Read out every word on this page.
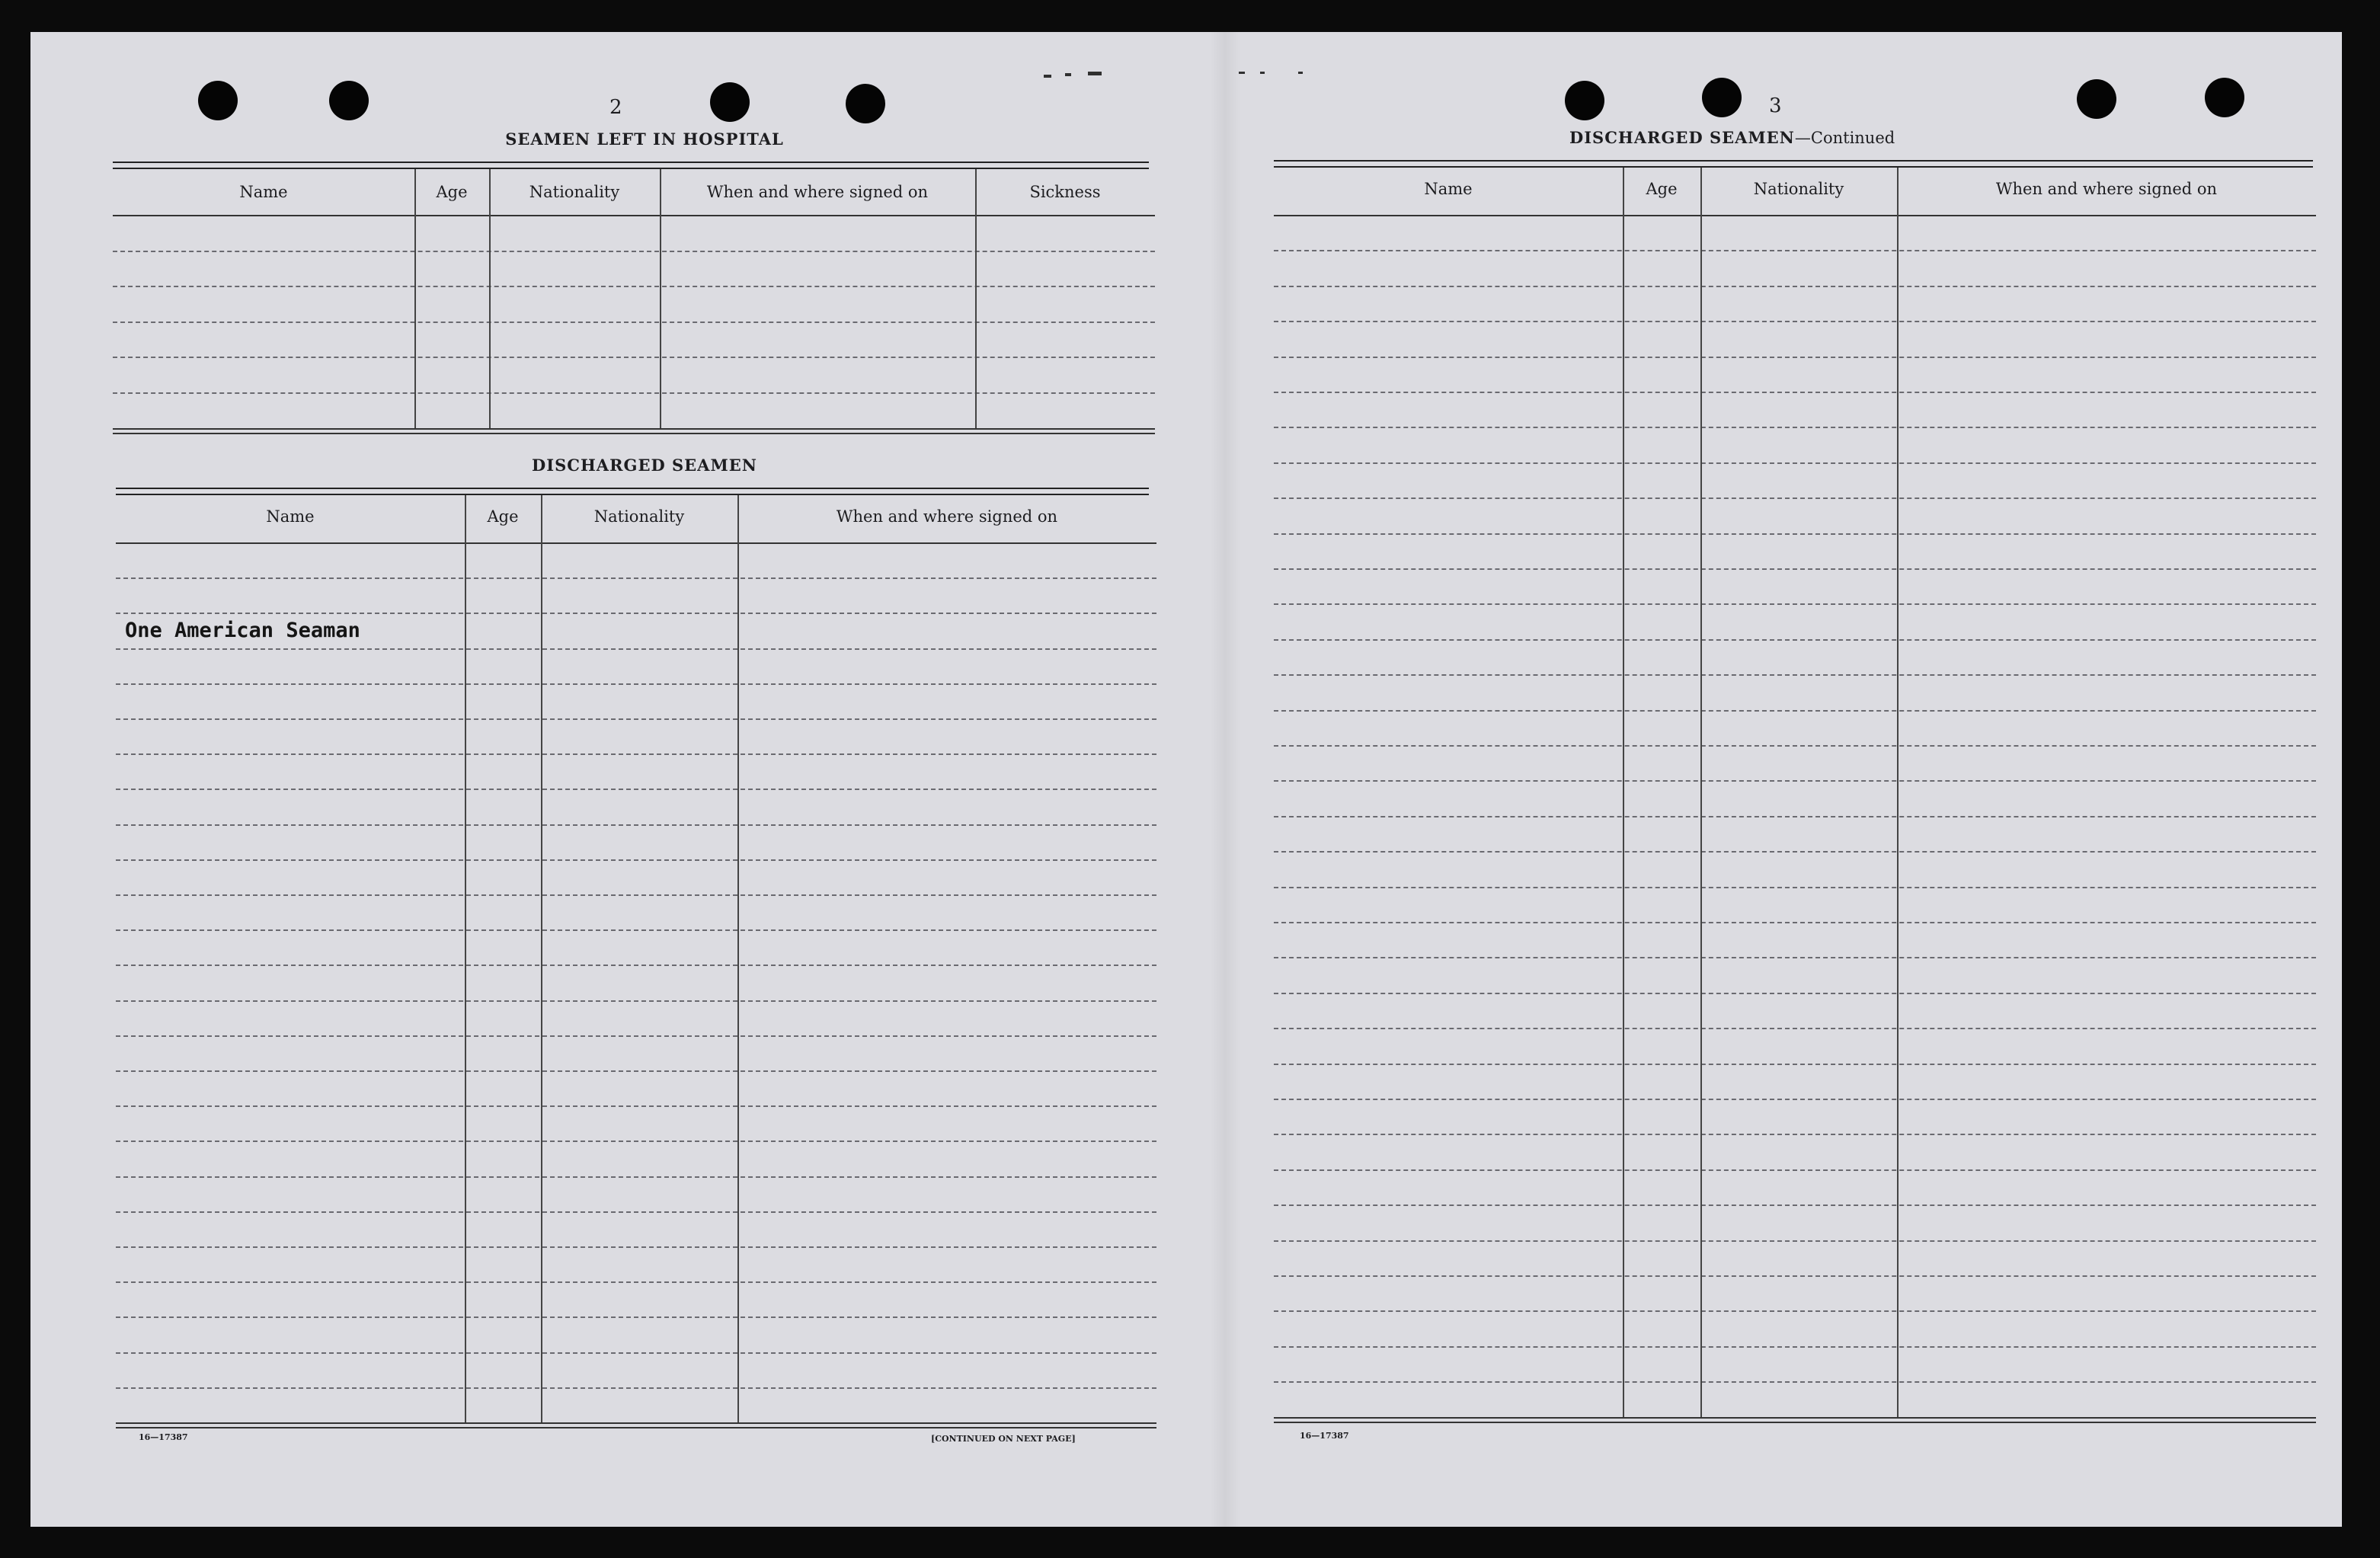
2
SEAMEN LEFT IN HOSPITAL
Name	Age	Nationality	When and where signed on	Sickness
DISCHARGED SEAMEN
Name	Age	Nationality	When and where signed on
One American Seaman
16—17387	[CONTINUED ON NEXT PAGE]
3
DISCHARGED SEAMEN—Continued
Name	Age	Nationality	When and where signed on
16—17387
